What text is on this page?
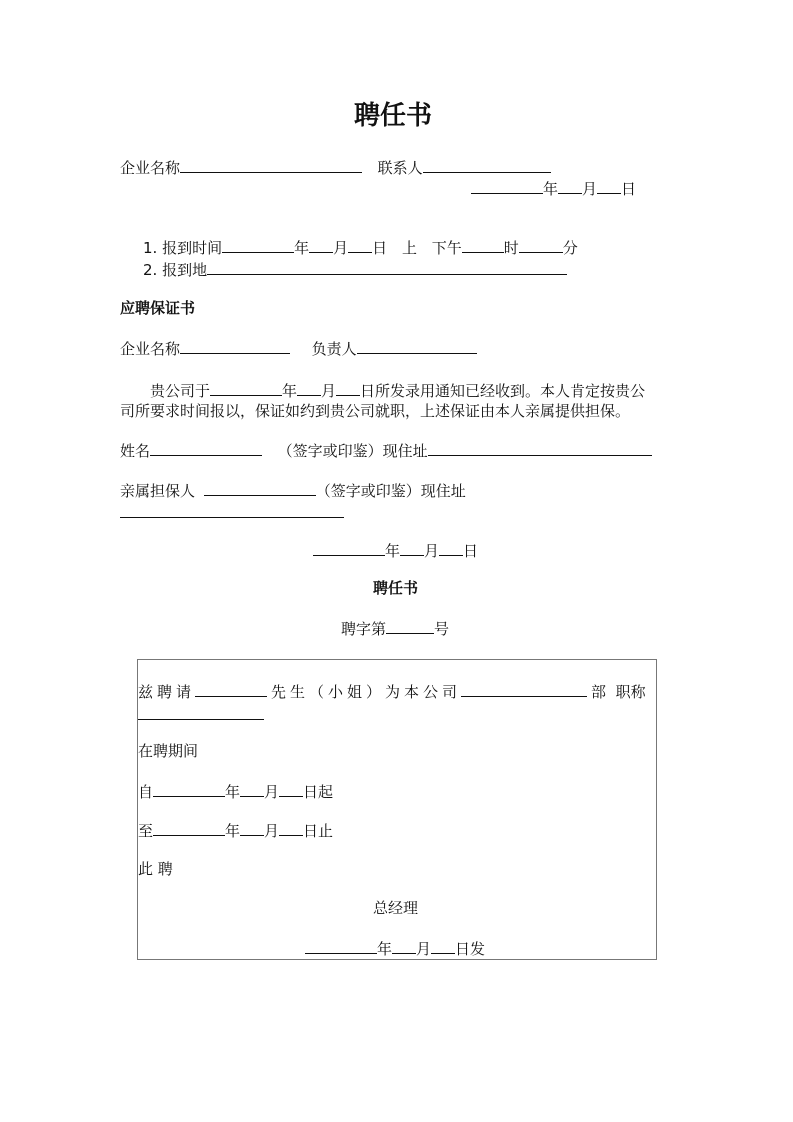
聘任书
企业名称	联系人
年 月 日
1. 报到时间	年 月 日 上 下午	时	分
2. 报到地
应聘保证书
企业名称	负责人
贵公司于	年 月 日所发录用通知已经收到。本人肯定按贵公
司所要求时间报以，保证如约到贵公司就职，上述保证由本人亲属提供担保。
姓名	（签字或印鉴）现住址
亲属担保人	（签字或印鉴）现住址
年 月 日
聘任书
聘字第	号
兹聘请	先生（小姐）为本公司	部  职称
在聘期间
自	年 月 日起
至	年 月 日止
此 聘
总经理
年 月 日发
